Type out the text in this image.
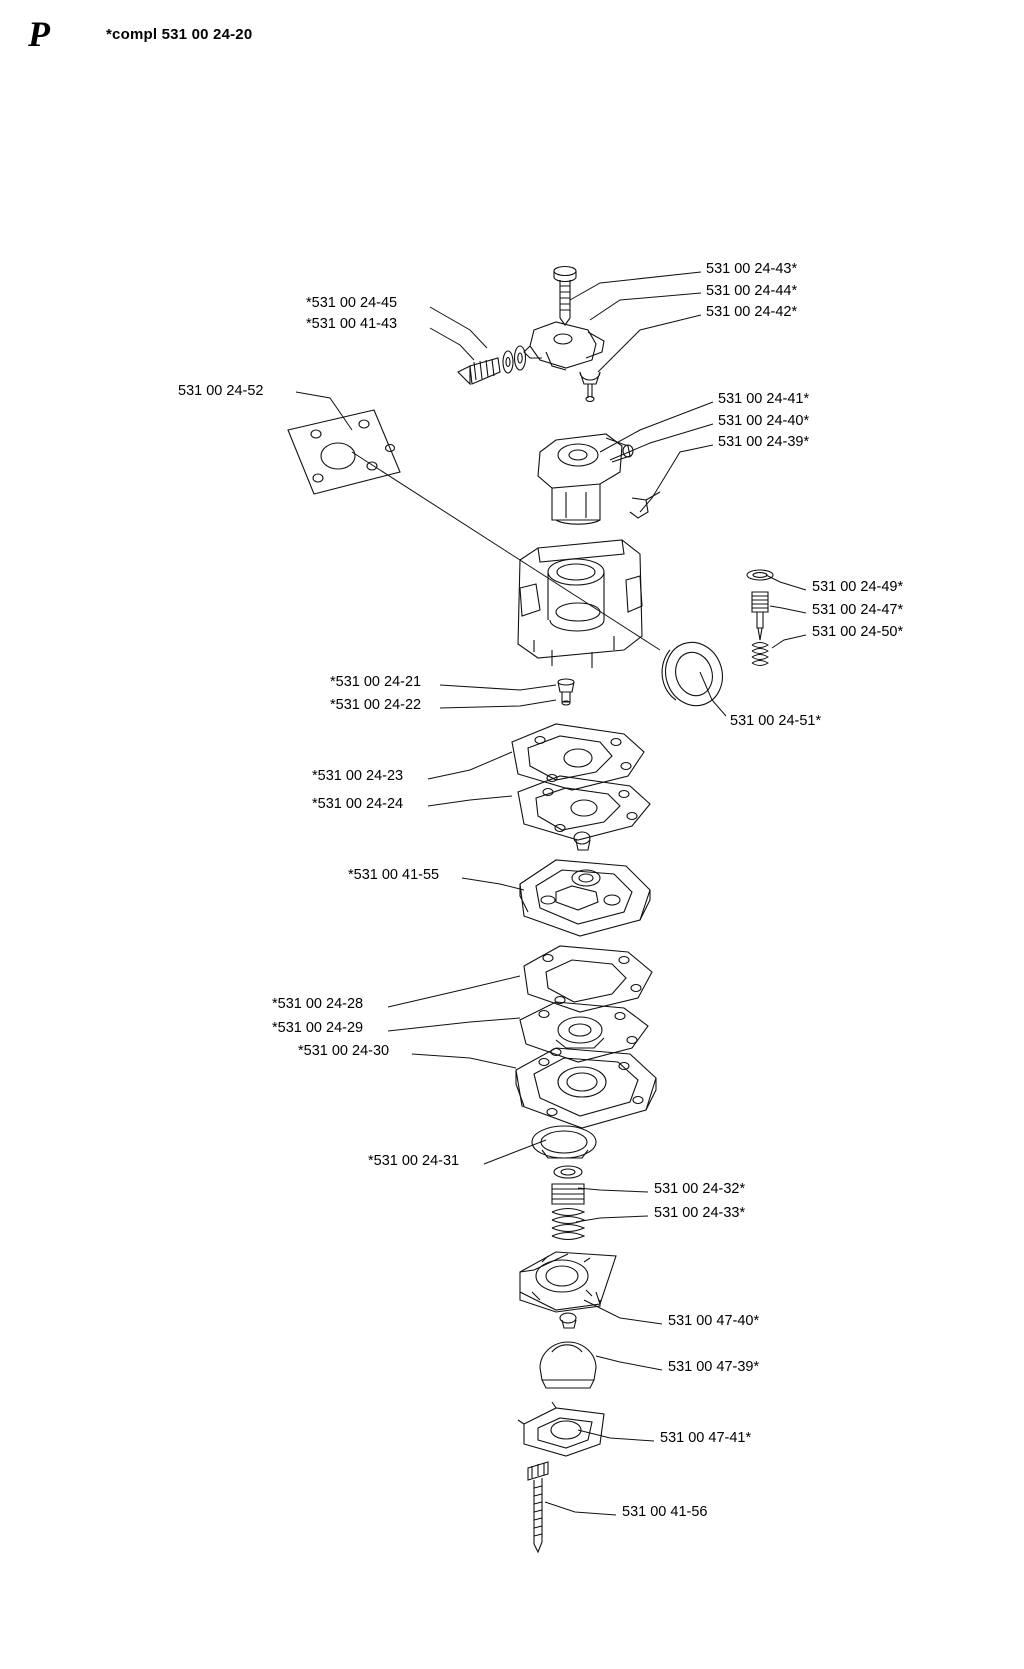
P	*compl 531 00 24-20
531 00 24-43*
531 00 24-44*
531 00 24-42*
*531 00 24-45
*531 00 41-43
531 00 24-52	531 00 24-41*
531 00 24-40*
531 00 24-39*
531 00 24-49*
531 00 24-47*
531 00 24-50*
*531 00 24-21
*531 00 24-22
531 00 24-51*
*531 00 24-23
*531 00 24-24
*531 00 41-55
*531 00 24-28
*531 00 24-29
*531 00 24-30
*531 00 24-31
531 00 24-32*
531 00 24-33*
531 00 47-40*
531 00 47-39*
531 00 47-41*
531 00 41-56
